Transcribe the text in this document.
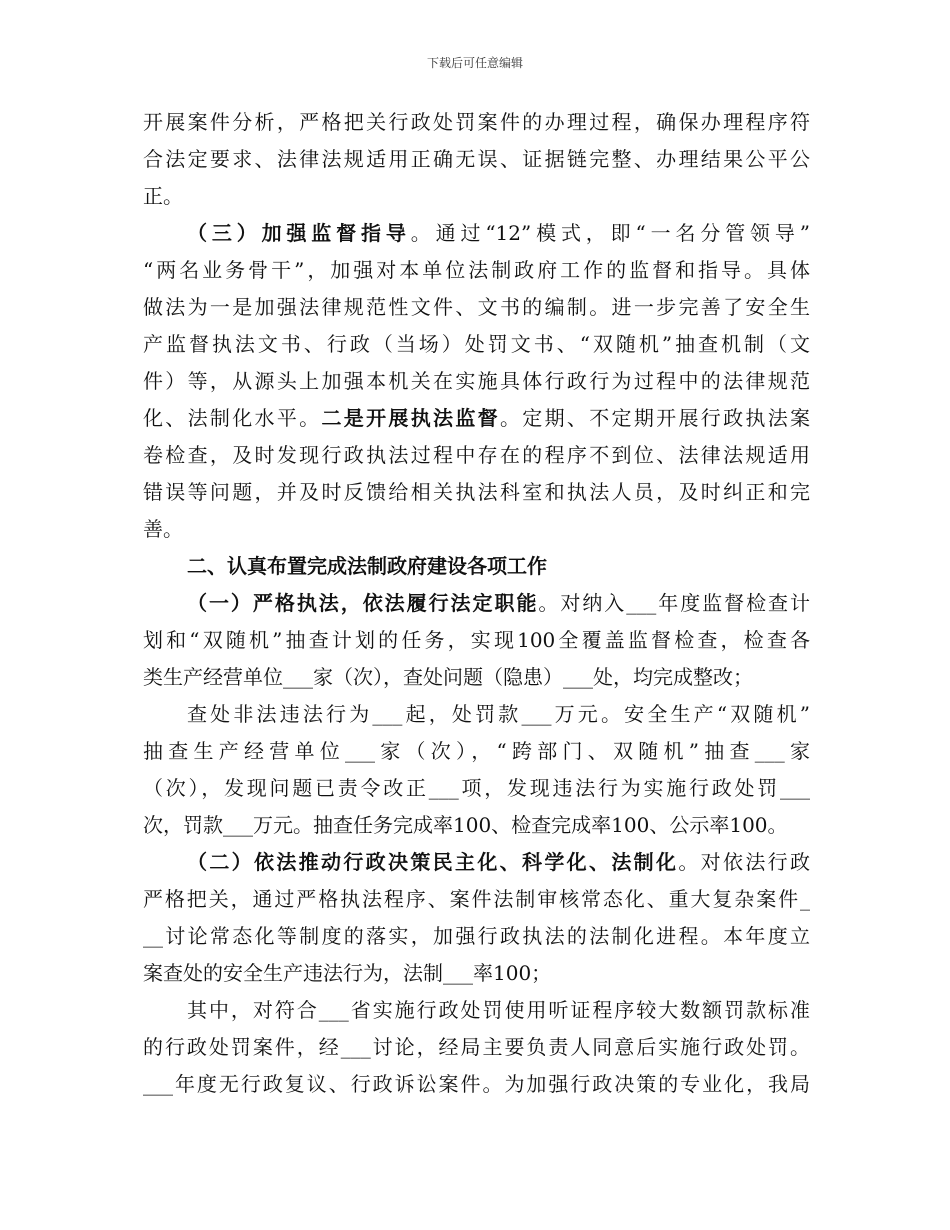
下载后可任意编辑
开展案件分析，严格把关行政处罚案件的办理过程，确保办理程序符
合法定要求、法律法规适用正确无误、证据链完整、办理结果公平公
正。
（三）加强监督指导。通过“12”模式，即“一名分管领导”
“两名业务骨干”，加强对本单位法制政府工作的监督和指导。具体
做法为一是加强法律规范性文件、文书的编制。进一步完善了安全生
产监督执法文书、行政（当场）处罚文书、“双随机”抽查机制（文
件）等，从源头上加强本机关在实施具体行政行为过程中的法律规范
化、法制化水平。二是开展执法监督。定期、不定期开展行政执法案
卷检查，及时发现行政执法过程中存在的程序不到位、法律法规适用
错误等问题，并及时反馈给相关执法科室和执法人员，及时纠正和完
善。
二、认真布置完成法制政府建设各项工作
（一）严格执法，依法履行法定职能。对纳入___年度监督检查计
划和“双随机”抽查计划的任务，实现100全覆盖监督检查，检查各
类生产经营单位___家（次），查处问题（隐患）___处，均完成整改；
查处非法违法行为___起，处罚款___万元。安全生产“双随机”
抽查生产经营单位___家（次），“跨部门、双随机”抽查___家
（次），发现问题已责令改正___项，发现违法行为实施行政处罚___
次，罚款___万元。抽查任务完成率100、检查完成率100、公示率100。
（二）依法推动行政决策民主化、科学化、法制化。对依法行政
严格把关，通过严格执法程序、案件法制审核常态化、重大复杂案件_
__讨论常态化等制度的落实，加强行政执法的法制化进程。本年度立
案查处的安全生产违法行为，法制___率100；
其中，对符合___省实施行政处罚使用听证程序较大数额罚款标准
的行政处罚案件，经___讨论，经局主要负责人同意后实施行政处罚。
___年度无行政复议、行政诉讼案件。为加强行政决策的专业化，我局
